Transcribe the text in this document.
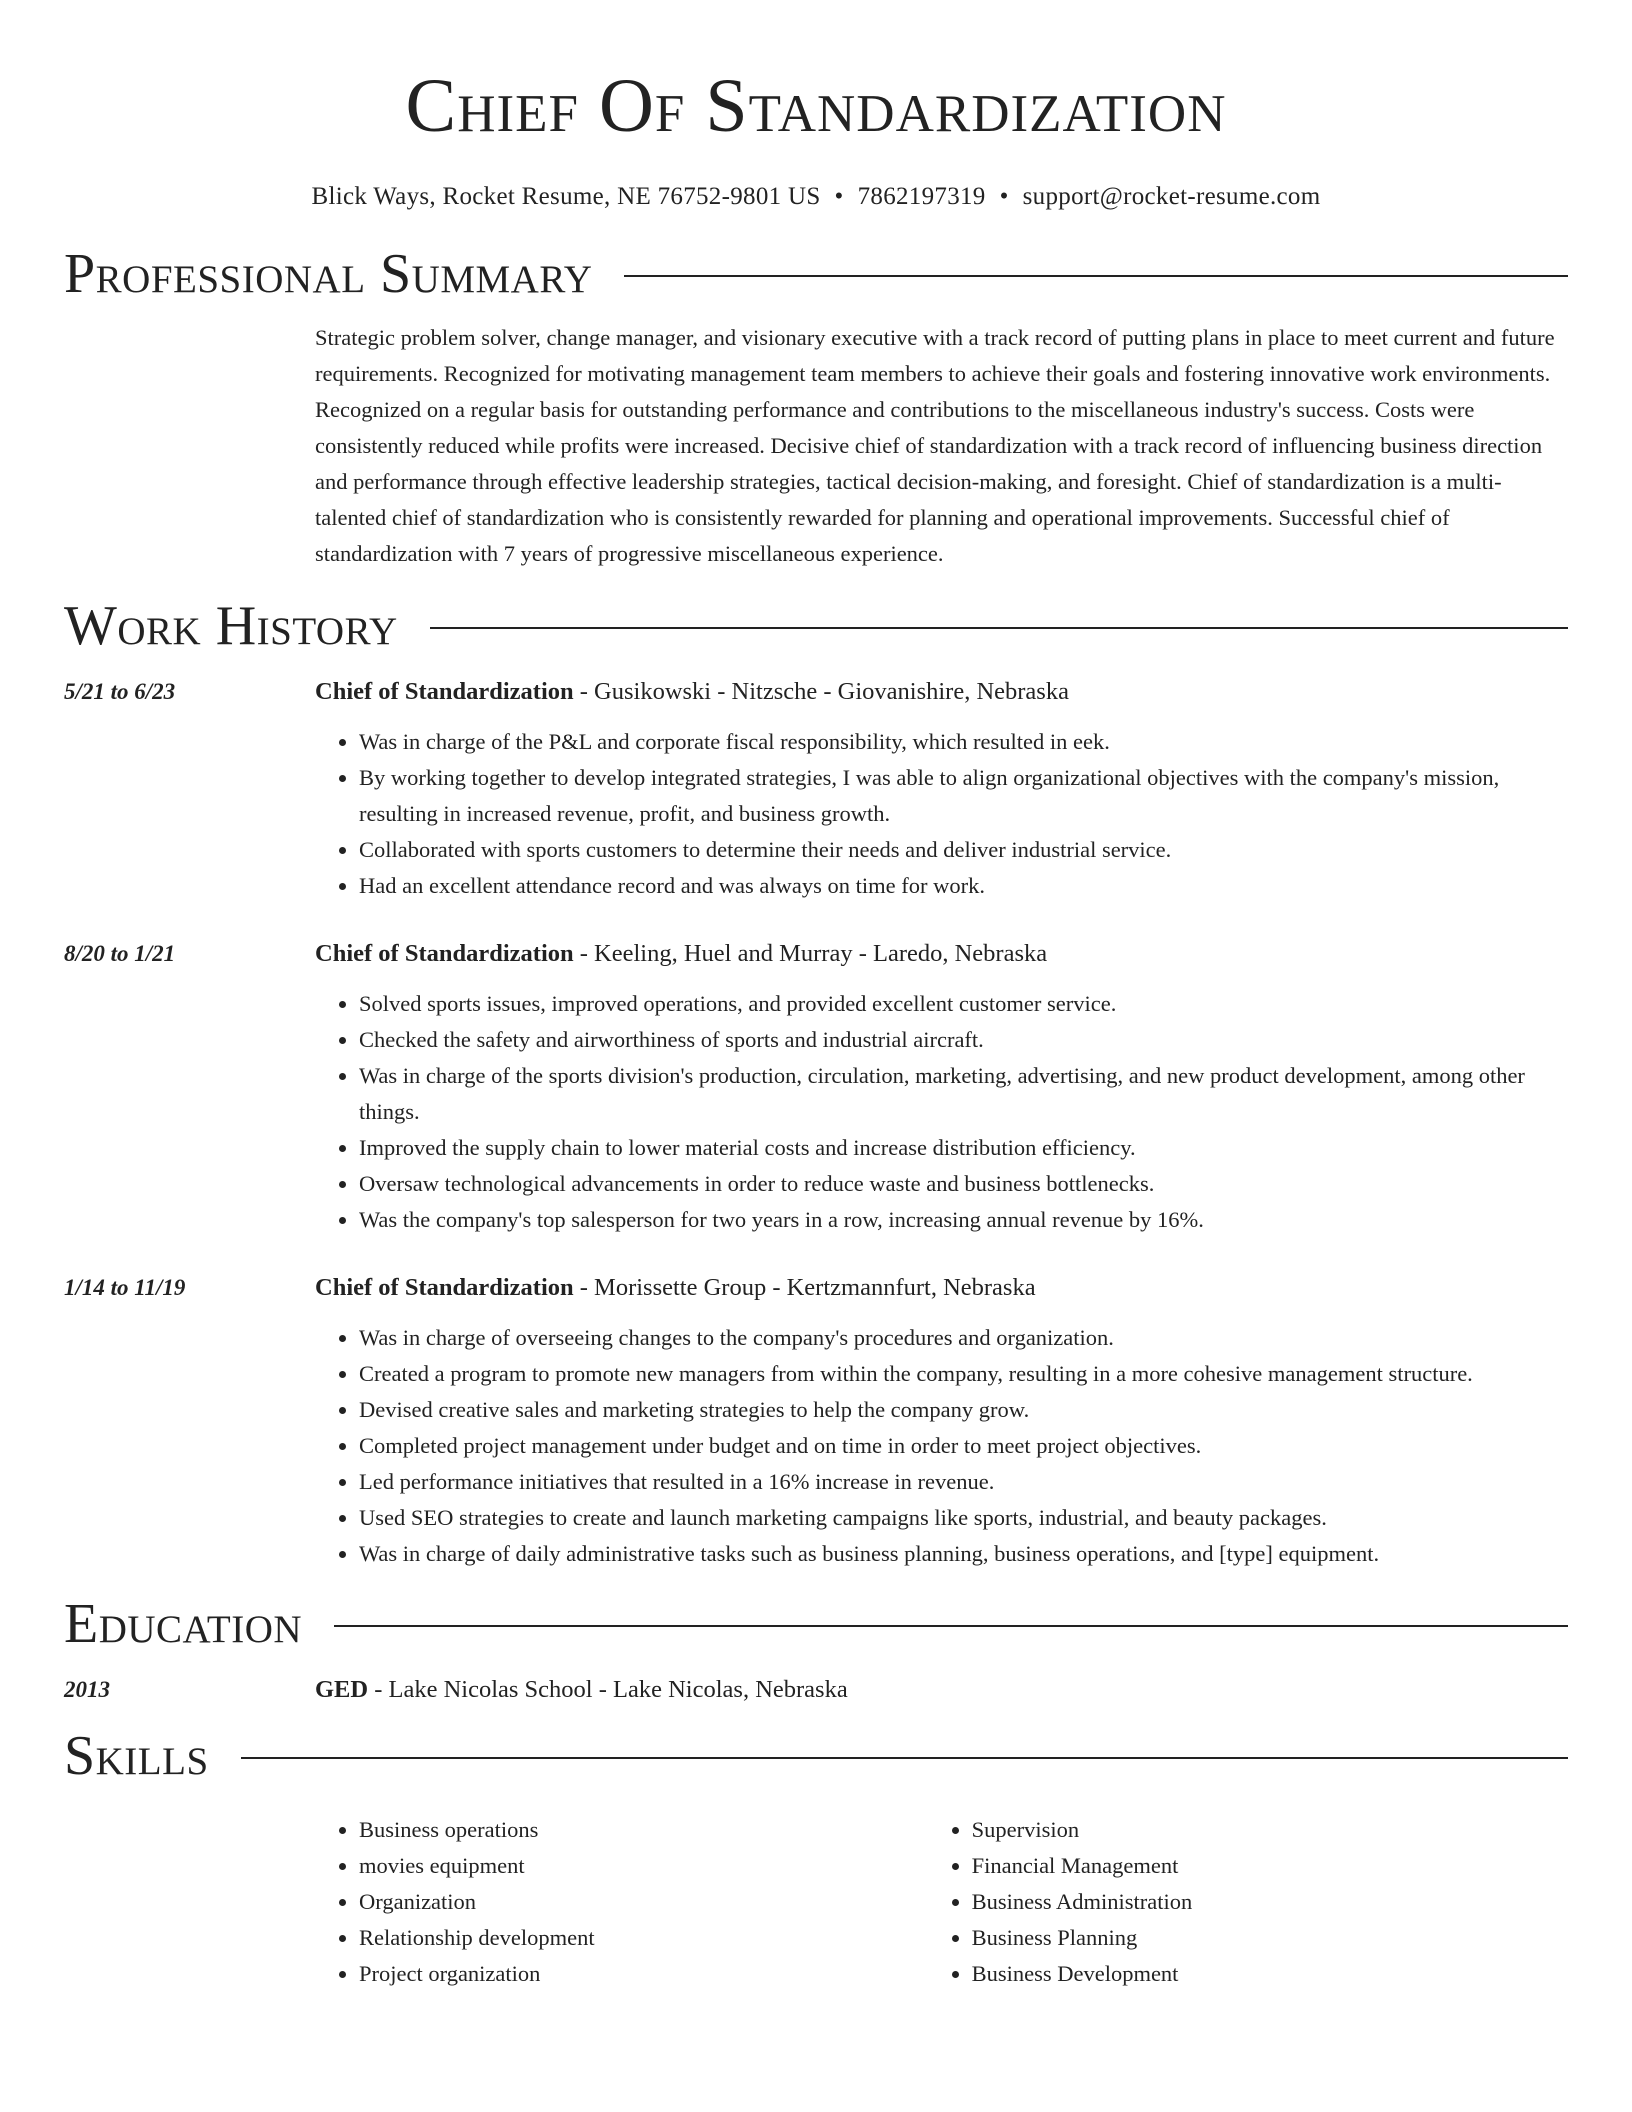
Chief Of Standardization
Blick Ways, Rocket Resume, NE 76752-9801 US • 7862197319 • support@rocket-resume.com
Professional Summary
Strategic problem solver, change manager, and visionary executive with a track record of putting plans in place to meet current and future requirements. Recognized for motivating management team members to achieve their goals and fostering innovative work environments. Recognized on a regular basis for outstanding performance and contributions to the miscellaneous industry's success. Costs were consistently reduced while profits were increased. Decisive chief of standardization with a track record of influencing business direction and performance through effective leadership strategies, tactical decision-making, and foresight. Chief of standardization is a multi-talented chief of standardization who is consistently rewarded for planning and operational improvements. Successful chief of standardization with 7 years of progressive miscellaneous experience.
Work History
5/21 to 6/23	Chief of Standardization - Gusikowski - Nitzsche - Giovanishire, Nebraska
• Was in charge of the P&L and corporate fiscal responsibility, which resulted in eek.
• By working together to develop integrated strategies, I was able to align organizational objectives with the company's mission, resulting in increased revenue, profit, and business growth.
• Collaborated with sports customers to determine their needs and deliver industrial service.
• Had an excellent attendance record and was always on time for work.
8/20 to 1/21	Chief of Standardization - Keeling, Huel and Murray - Laredo, Nebraska
• Solved sports issues, improved operations, and provided excellent customer service.
• Checked the safety and airworthiness of sports and industrial aircraft.
• Was in charge of the sports division's production, circulation, marketing, advertising, and new product development, among other things.
• Improved the supply chain to lower material costs and increase distribution efficiency.
• Oversaw technological advancements in order to reduce waste and business bottlenecks.
• Was the company's top salesperson for two years in a row, increasing annual revenue by 16%.
1/14 to 11/19	Chief of Standardization - Morissette Group - Kertzmannfurt, Nebraska
• Was in charge of overseeing changes to the company's procedures and organization.
• Created a program to promote new managers from within the company, resulting in a more cohesive management structure.
• Devised creative sales and marketing strategies to help the company grow.
• Completed project management under budget and on time in order to meet project objectives.
• Led performance initiatives that resulted in a 16% increase in revenue.
• Used SEO strategies to create and launch marketing campaigns like sports, industrial, and beauty packages.
• Was in charge of daily administrative tasks such as business planning, business operations, and [type] equipment.
Education
2013	GED - Lake Nicolas School - Lake Nicolas, Nebraska
Skills
• Business operations
• movies equipment
• Organization
• Relationship development
• Project organization
• Supervision
• Financial Management
• Business Administration
• Business Planning
• Business Development
